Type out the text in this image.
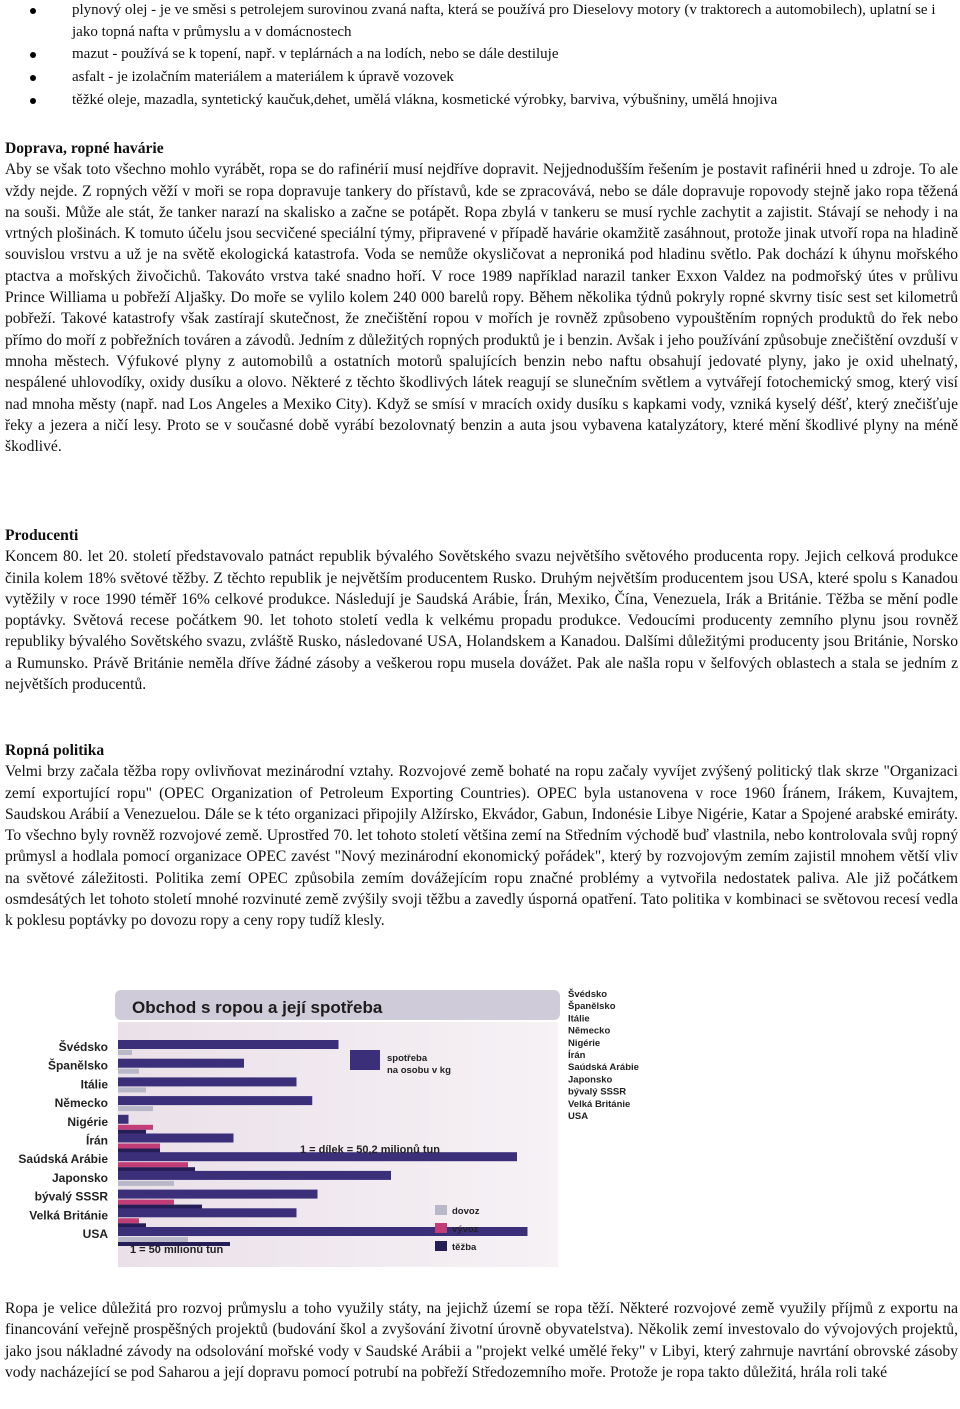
plynový olej - je ve směsi s petrolejem surovinou zvaná nafta, která se používá pro Dieselovy motory (v traktorech a automobilech), uplatní se i jako topná nafta v průmyslu a v domácnostech
mazut - používá se k topení, např. v teplárnách a na lodích, nebo se dále destiluje
asfalt - je izolačním materiálem a materiálem k úpravě vozovek
těžké oleje, mazadla, syntetický kaučuk,dehet, umělá vlákna, kosmetické výrobky, barviva, výbušniny, umělá hnojiva
Doprava, ropné havárie

Aby se však toto všechno mohlo vyrábět, ropa se do rafinérií musí nejdříve dopravit. Nejjednodušším řešením je postavit rafinérii hned u zdroje. To ale vždy nejde. Z ropných věží v moři se ropa dopravuje tankery do přístavů, kde se zpracovává, nebo se dále dopravuje ropovody stejně jako ropa těžená na souši. Může ale stát, že tanker narazí na skalisko a začne se potápět. Ropa zbylá v tankeru se musí rychle zachytit a zajistit. Stávají se nehody i na vrtných plošinách. K tomuto účelu jsou secvičené speciální týmy, připravené v případě havárie okamžitě zasáhnout, protože jinak utvoří ropa na hladině souvislou vrstvu a už je na světě ekologická katastrofa. Voda se nemůže okysličovat a neproniká pod hladinu světlo. Pak dochází k úhynu mořského ptactva a mořských živočichů. Takováto vrstva také snadno hoří. V roce 1989 například narazil tanker Exxon Valdez na podmořský útes v průlivu Prince Williama u pobřeží Aljašky. Do moře se vylilo kolem 240 000 barelů ropy. Během několika týdnů pokryly ropné skvrny tisíc sest set kilometrů pobřeží. Takové katastrofy však zastírají skutečnost, že znečištění ropou v mořích je rovněž způsobeno vypouštěním ropných produktů do řek nebo přímo do moří z pobřežních továren a závodů. Jedním z důležitých ropných produktů je i benzin. Avšak i jeho používání způsobuje znečištění ovzduší v mnoha městech. Výfukové plyny z automobilů a ostatních motorů spalujících benzin nebo naftu obsahují jedovaté plyny, jako je oxid uhelnatý, nespálené uhlovodíky, oxidy dusíku a olovo. Některé z těchto škodlivých látek reagují se slunečním světlem a vytvářejí fotochemický smog, který visí nad mnoha městy (např. nad Los Angeles a Mexiko City). Když se smísí v mracích oxidy dusíku s kapkami vody, vzniká kyselý déšť, který znečišťuje řeky a jezera a ničí lesy. Proto se v současné době vyrábí bezolovnatý benzin a auta jsou vybavena katalyzátory, které mění škodlivé plyny na méně škodlivé.

Producenti

Koncem 80. let 20. století představovalo patnáct republik bývalého Sovětského svazu největšího světového producenta ropy. Jejich celková produkce činila kolem 18% světové těžby. Z těchto republik je největším producentem Rusko. Druhým největším producentem jsou USA, které spolu s Kanadou vytěžily v roce 1990 téměř 16% celkové produkce. Následují je Saudská Arábie, Írán, Mexiko, Čína, Venezuela, Irák a Británie. Těžba se mění podle poptávky. Světová recese počátkem 90. let tohoto století vedla k velkému propadu produkce. Vedoucími producenty zemního plynu jsou rovněž republiky bývalého Sovětského svazu, zvláště Rusko, následované USA, Holandskem a Kanadou. Dalšími důležitými producenty jsou Británie, Norsko a Rumunsko. Právě Británie neměla dříve žádné zásoby a veškerou ropu musela dovážet. Pak ale našla ropu v šelfových oblastech a stala se jedním z největších producentů.

Ropná politika

Velmi brzy začala těžba ropy ovlivňovat mezinárodní vztahy. Rozvojové země bohaté na ropu začaly vyvíjet zvýšený politický tlak skrze "Organizaci zemí exportující ropu" (OPEC Organization of Petroleum Exporting Countries). OPEC byla ustanovena v roce 1960 Íránem, Irákem, Kuvajtem, Saudskou Arábií a Venezuelou. Dále se k této organizaci připojily Alžírsko, Ekvádor, Gabun, Indonésie Libye Nigérie, Katar a Spojené arabské emiráty. To všechno byly rovněž rozvojové země. Uprostřed 70. let tohoto století většina zemí na Středním východě buď vlastnila, nebo kontrolovala svůj ropný průmysl a hodlala pomocí organizace OPEC zavést "Nový mezinárodní ekonomický pořádek", který by rozvojovým zemím zajistil mnohem větší vliv na světové záležitosti. Politika zemí OPEC způsobila zemím dovážejícím ropu značné problémy a vytvořila nedostatek paliva. Ale již počátkem osmdesátých let tohoto století mnohé rozvinuté země zvýšily svoji těžbu a zavedly úsporná opatření. Tato politika v kombinaci se světovou recesí vedla k poklesu poptávky po dovozu ropy a ceny ropy tudíž klesly.

Obchod s ropou a její spotřeba
Švédsko
Španělsko
Itálie
Německo
Nigérie
Írán
Saúdská Arábie
Japonsko
bývalý SSSR
Velká Británie
USA
Švédsko
Španělsko
Itálie
Německo
Nigérie
Írán
Saúdská Arábie
Japonsko
bývalý SSSR
Velká Británie
USA
spotřeba na osobu v kg
1 = dílek = 50,2 milionů tun
1 = 50 milionů tun
dovoz
vývoz
těžba

Ropa je velice důležitá pro rozvoj průmyslu a toho využily státy, na jejichž území se ropa těží. Některé rozvojové země využily příjmů z exportu na financování veřejně prospěšných projektů (budování škol a zvyšování životní úrovně obyvatelstva). Několik zemí investovalo do vývojových projektů, jako jsou nákladné závody na odsolování mořské vody v Saudské Arábii a "projekt velké umělé řeky" v Libyi, který zahrnuje navrtání obrovské zásoby vody nacházející se pod Saharou a její dopravu pomocí potrubí na pobřeží Středozemního moře. Protože je ropa takto důležitá, hrála roli také
